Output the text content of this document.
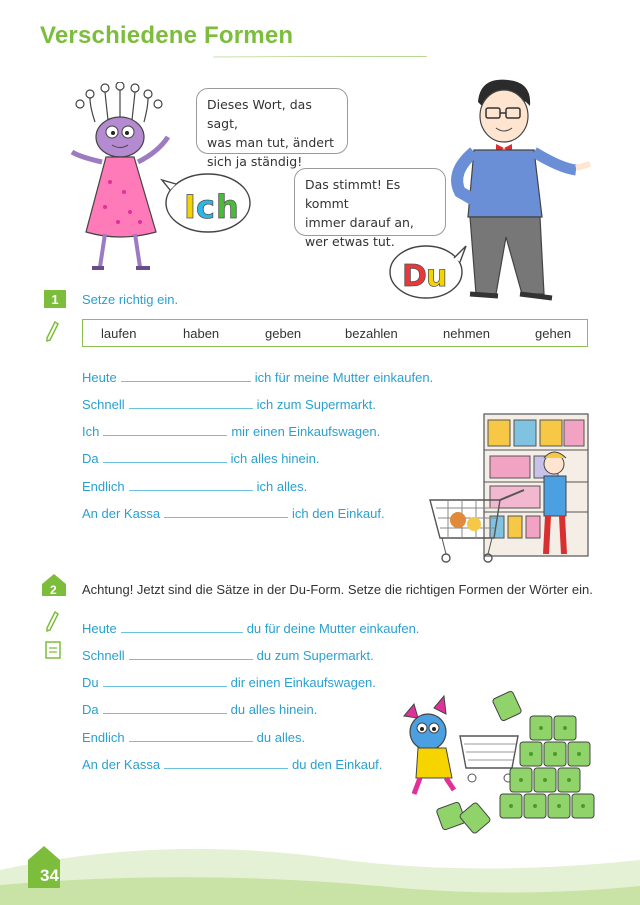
Verschiedene Formen
I c h
Dieses Wort, das sagt,
was man tut, ändert
sich ja ständig!
Das stimmt! Es kommt
immer darauf an,
wer etwas tut.
D u
1	Setze richtig ein.
laufen	haben	geben	bezahlen	nehmen	gehen
Heute	ich für meine Mutter einkaufen.
Schnell	ich zum Supermarkt.
Ich	mir einen Einkaufswagen.
Da	ich alles hinein.
Endlich	ich alles.
An der Kassa	ich den Einkauf.
2 Achtung! Jetzt sind die Sätze in der Du-Form. Setze die richtigen Formen der Wörter ein.
Heute	du für deine Mutter einkaufen.
Schnell	du zum Supermarkt.
Du	dir einen Einkaufswagen.
Da	du alles hinein.
Endlich	du alles.
An der Kassa	du den Einkauf.
34
